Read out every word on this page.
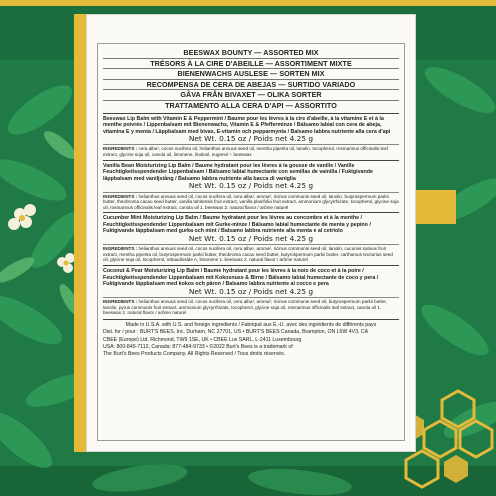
BEESWAX BOUNTY — ASSORTED MIX
TRÉSORS À LA CIRE D'ABEILLE — ASSORTIMENT MIXTE
BIENENWACHS AUSLESE — SORTEN MIX
RECOMPENSA DE CERA DE ABEJAS — SURTIDO VARIADO
GÅVA FRÅN BIVAXET — OLIKA SORTER
TRATTAMENTO ALLA CERA D'API — ASSORTITO
Beeswax Lip Balm with Vitamin E & Peppermint / Baume pour les lèvres à la cire d'abeille, à la vitamine E et à la menthe poivrée / Lippenbalsam mit Bienenwachs, Vitamin E & Pfefferminze / Bálsamo labial con cera de abeja, vitamina E y menta / Läppbalsam med bivax, E-vitamin och pepparmynta / Balsamo labbra nutriente alla cera d'api
Net Wt. 0.15 oz / Poids net 4.25 g
INGREDIENTS : cera alba¹, cocos nucifera oil, helianthus annuus seed oil, mentha piperita oil, lanolin, tocopherol, rosmarinus officinalis leaf extract, glycine soja oil, canola oil, limonene, linalool, eugenol ¹. beeswax
Vanilla Bean Moisturizing Lip Balm / Baume hydratant pour les lèvres à la gousse de vanille / Vanille Feuchtigkeitsspendender Lippenbalsam / Bálsamo labial humectante con semillas de vainilla / Fuktgivande läppbalsam med vaniljstång / Balsamo labbra nutriente alla bacca di vaniglia
Net Wt. 0.15 oz / Poids net 4.25 g
INGREDIENTS : helianthus annuus seed oil, cocos nucifera oil, cera alba¹, aroma², ricinus communis seed oil, lanolin, butyrospermum parkii butter, theobroma cacao seed butter, vanilla tahitensis fruit extract, vanilla planifolia fruit extract, ammonium glycyrrhizate, tocopherol, glycine soja oil, rosmarinus officinalis leaf extract, canola oil 1. beeswax 2. natural flavor / arôme naturel
Cucumber Mint Moisturizing Lip Balm / Baume hydratant pour les lèvres au concombre et à la menthe / Feuchtigkeitsspendender Lippenbalsam mit Gurke-minze / Bálsamo labial humectante de menta y pepino / Fuktgivande läppbalsam med gurka och mint / Balsamo labbra nutriente alla menta e al cetriolo
Net Wt. 0.15 oz / Poids net 4.25 g
INGREDIENTS : helianthus annuus seed oil, cocos nucifera oil, cera alba¹, aroma², ricinus communis seed oil, lanolin, cucumis sativus fruit extract, mentha piperita oil, butyrospermum parkii butter, theobroma cacao seed butter, butyrospermum parkii butter, carthamus tinctorius seed oil, glycine soja oil, tocopherol, rebaudioside A, limonene 1. beeswax 2. natural flavor / arôme naturel
Coconut & Pear Moisturizing Lip Balm / Baume hydratant pour les lèvres à la noix de coco et à la poire / Feuchtigkeitsspendender Lippenbalsam mit Kokosnuss & Birne / Bálsamo labial humectante de coco y pera / Fuktgivande läppbalsam med kokos och päron / Balsamo labbra nutriente al cocco e pera
Net Wt. 0.15 oz / Poids net 4.25 g
INGREDIENTS : helianthus annuus seed oil, cocos nucifera oil, cera alba¹, aroma², ricinus communis seed oil, butyrospermum parkii butter, lanolin, pyrus communis fruit extract, ammonium glycyrrhizate, tocopherol, glycine soja oil, rosmarinus officinalis leaf extract, canola oil 1. beeswax 2. natural flavor / arôme naturel
Made in U.S.A. with U.S. and foreign ingredients / Fabriqué aux É.-U. avec des ingrédients de différents pays
Dist. for / pour : BURT'S BEES, Inc. Durham, NC 27701, US • BURT'S BEES Canada, Brampton, ON L6W 4V3, CA
CBEE (Europe) Ltd. Richmond, TW9 1SE, UK • CBEE Lux SARL, L-2411 Luxembourg
USA: 800-849-7112, Canada: 877-484-9733 • ©2022 Burt's Bees is a trademark of
The Burt's Bees Products Company. All Rights Reserved / Tous droits réservés.
